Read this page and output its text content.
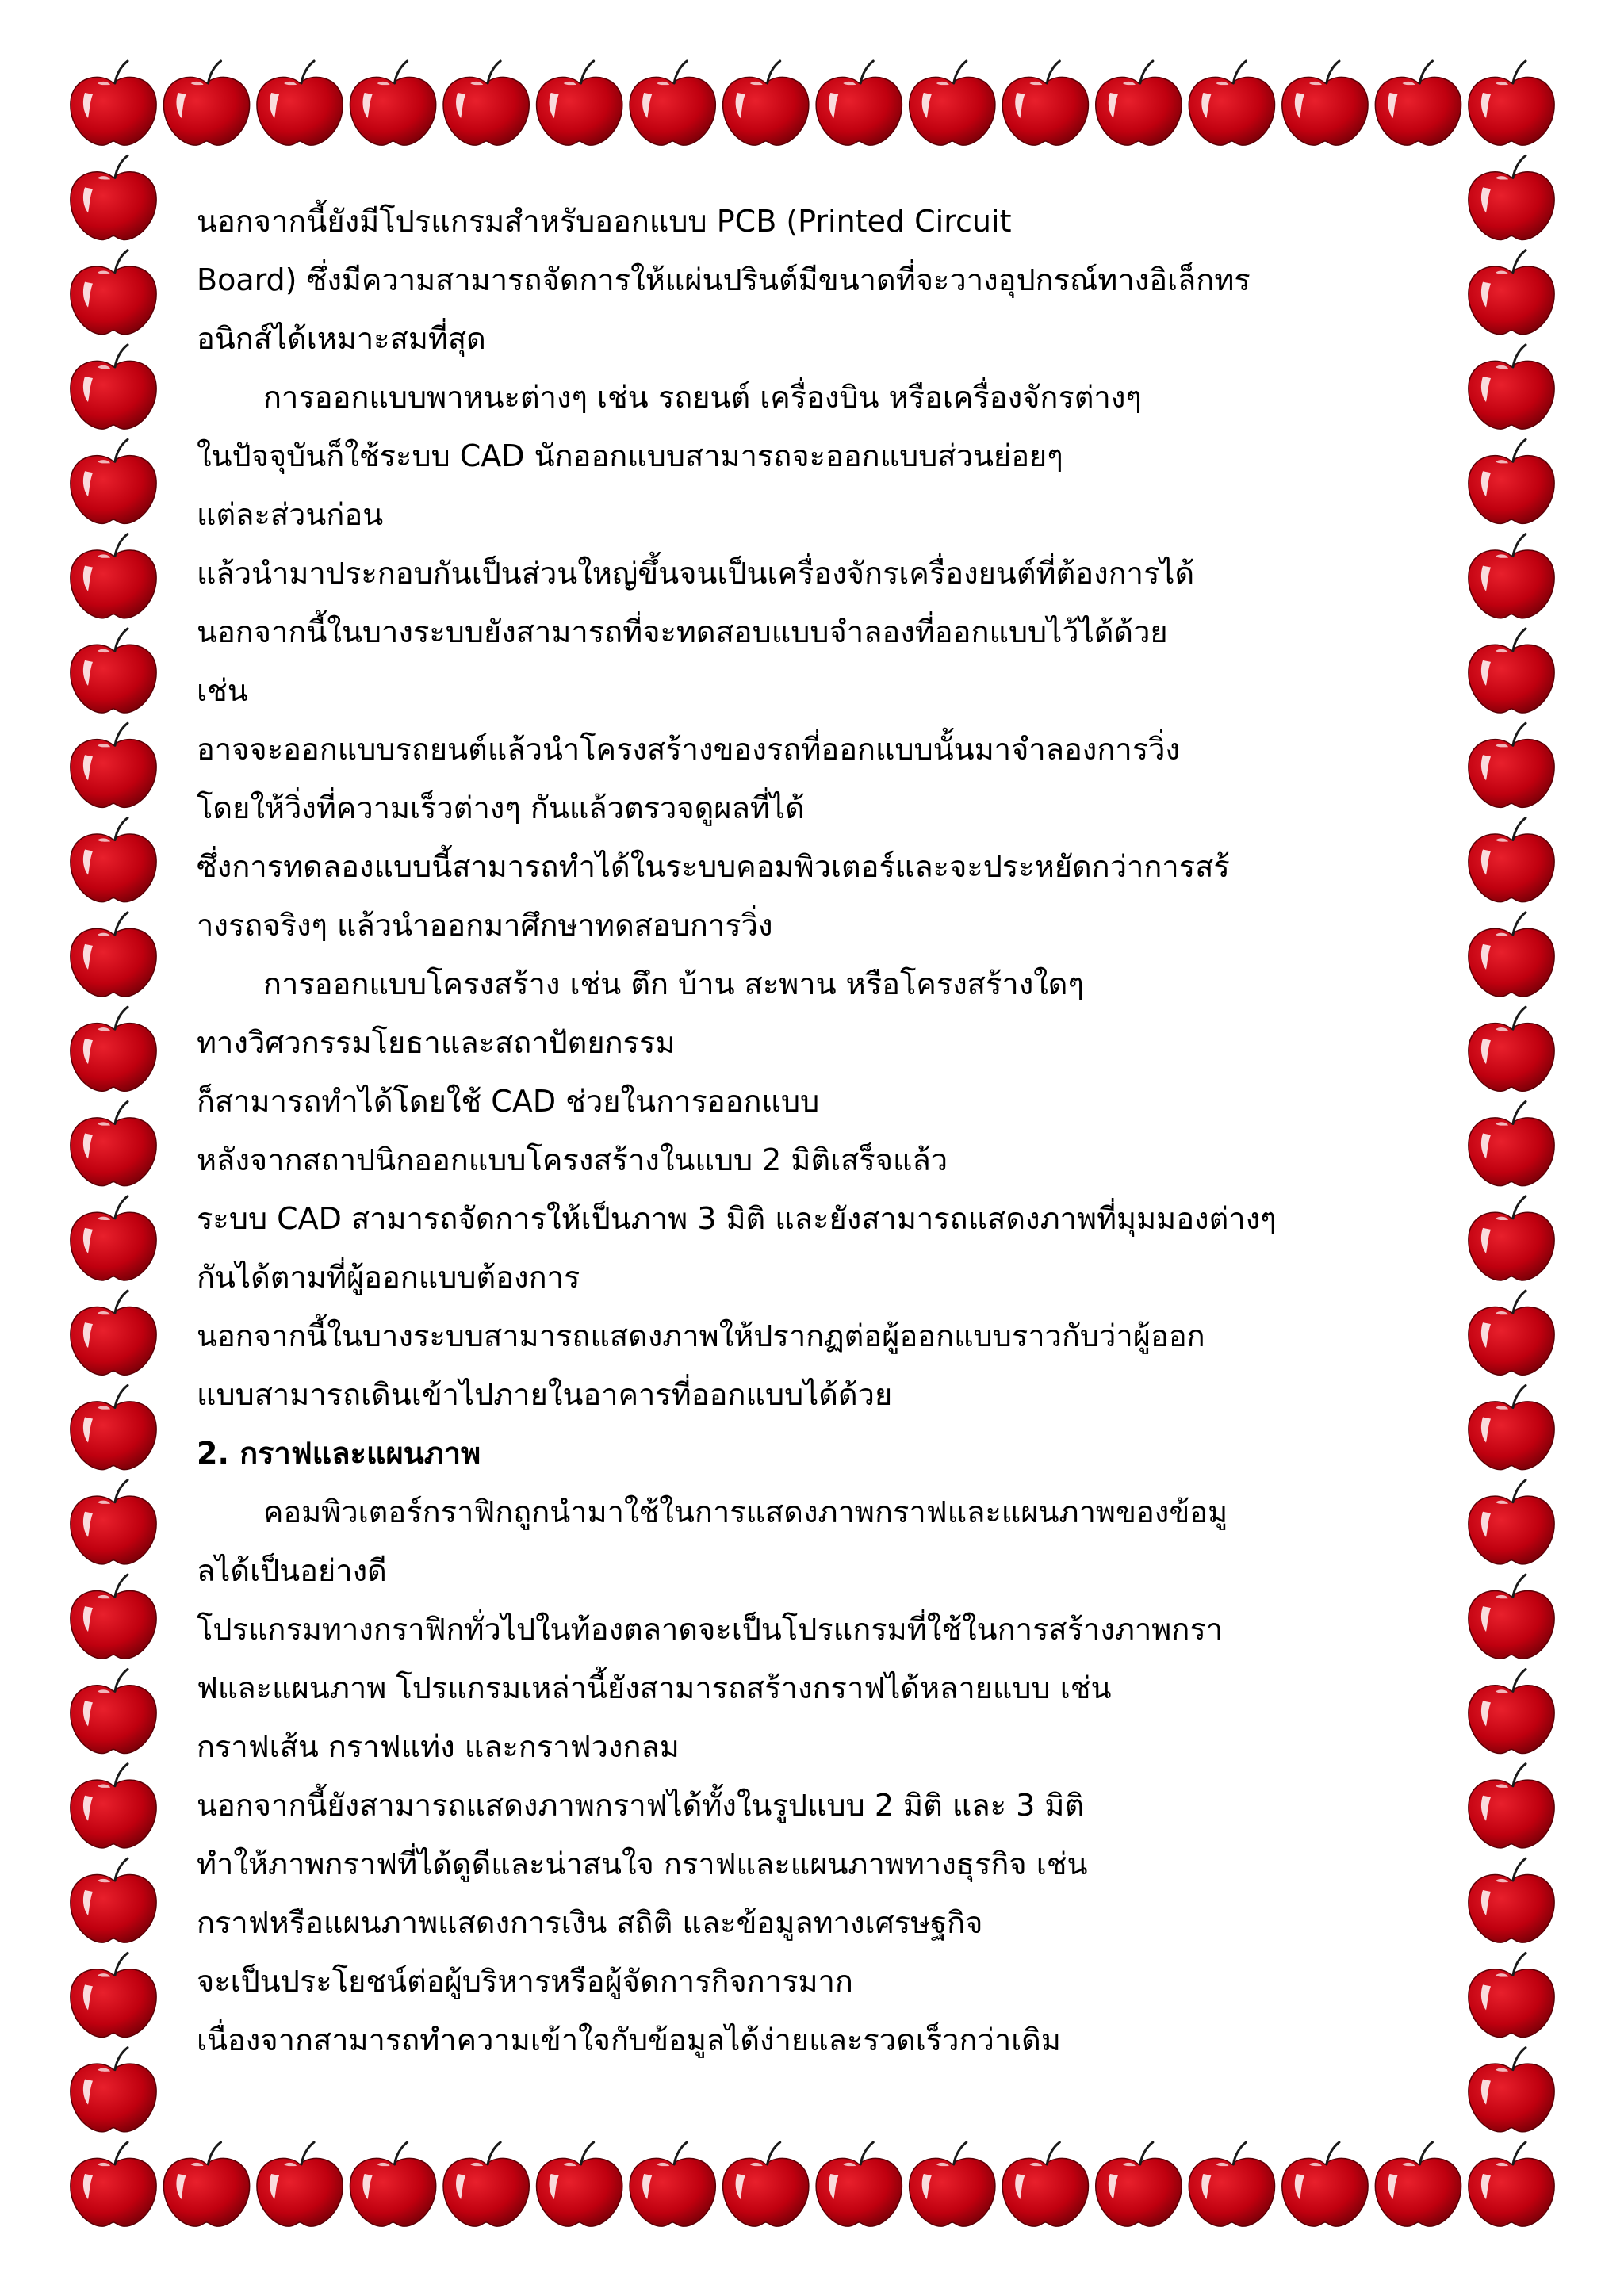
นอกจากนี้ยังมีโปรแกรมสำหรับออกแบบ PCB (Printed Circuit
Board) ซึ่งมีความสามารถจัดการให้แผ่นปรินต์มีขนาดที่จะวางอุปกรณ์ทางอิเล็กทร
อนิกส์ได้เหมาะสมที่สุด
การออกแบบพาหนะต่างๆ เช่น รถยนต์ เครื่องบิน หรือเครื่องจักรต่างๆ
ในปัจจุบันก็ใช้ระบบ CAD นักออกแบบสามารถจะออกแบบส่วนย่อยๆ
แต่ละส่วนก่อน
แล้วนำมาประกอบกันเป็นส่วนใหญ่ขึ้นจนเป็นเครื่องจักรเครื่องยนต์ที่ต้องการได้
นอกจากนี้ในบางระบบยังสามารถที่จะทดสอบแบบจำลองที่ออกแบบไว้ได้ด้วย
เช่น
อาจจะออกแบบรถยนต์แล้วนำโครงสร้างของรถที่ออกแบบนั้นมาจำลองการวิ่ง
โดยให้วิ่งที่ความเร็วต่างๆ กันแล้วตรวจดูผลที่ได้
ซึ่งการทดลองแบบนี้สามารถทำได้ในระบบคอมพิวเตอร์และจะประหยัดกว่าการสร้
างรถจริงๆ แล้วนำออกมาศึกษาทดสอบการวิ่ง
การออกแบบโครงสร้าง เช่น ตึก บ้าน สะพาน หรือโครงสร้างใดๆ
ทางวิศวกรรมโยธาและสถาปัตยกรรม
ก็สามารถทำได้โดยใช้ CAD ช่วยในการออกแบบ
หลังจากสถาปนิกออกแบบโครงสร้างในแบบ 2 มิติเสร็จแล้ว
ระบบ CAD สามารถจัดการให้เป็นภาพ 3 มิติ และยังสามารถแสดงภาพที่มุมมองต่างๆ
กันได้ตามที่ผู้ออกแบบต้องการ
นอกจากนี้ในบางระบบสามารถแสดงภาพให้ปรากฏต่อผู้ออกแบบราวกับว่าผู้ออก
แบบสามารถเดินเข้าไปภายในอาคารที่ออกแบบได้ด้วย
2. กราฟและแผนภาพ
คอมพิวเตอร์กราฟิกถูกนำมาใช้ในการแสดงภาพกราฟและแผนภาพของข้อมู
ลได้เป็นอย่างดี
โปรแกรมทางกราฟิกทั่วไปในท้องตลาดจะเป็นโปรแกรมที่ใช้ในการสร้างภาพกรา
ฟและแผนภาพ โปรแกรมเหล่านี้ยังสามารถสร้างกราฟได้หลายแบบ เช่น
กราฟเส้น กราฟแท่ง และกราฟวงกลม
นอกจากนี้ยังสามารถแสดงภาพกราฟได้ทั้งในรูปแบบ 2 มิติ และ 3 มิติ
ทำให้ภาพกราฟที่ได้ดูดีและน่าสนใจ กราฟและแผนภาพทางธุรกิจ เช่น
กราฟหรือแผนภาพแสดงการเงิน สถิติ และข้อมูลทางเศรษฐกิจ
จะเป็นประโยชน์ต่อผู้บริหารหรือผู้จัดการกิจการมาก
เนื่องจากสามารถทำความเข้าใจกับข้อมูลได้ง่ายและรวดเร็วกว่าเดิม
